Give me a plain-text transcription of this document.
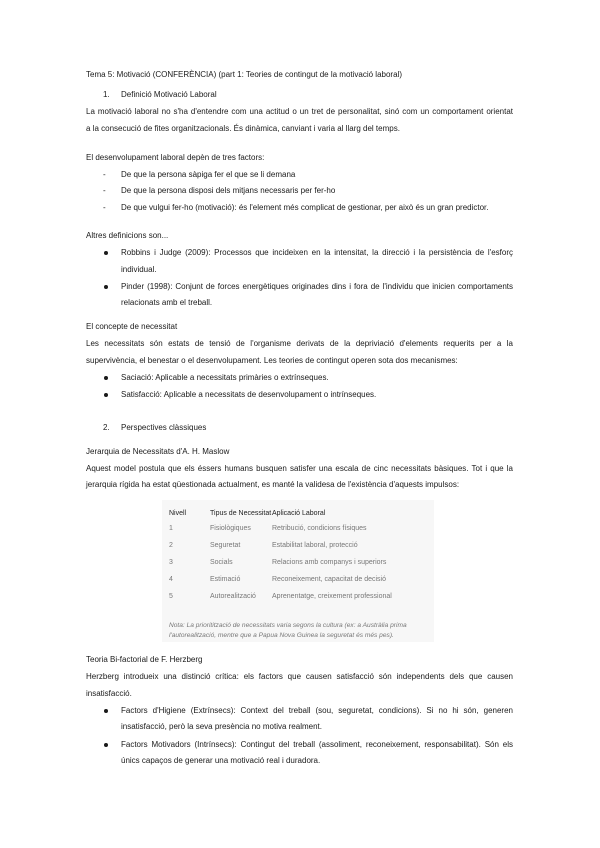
Tema 5: Motivació (CONFERÈNCIA) (part 1: Teories de contingut de la motivació laboral)
1. Definició Motivació Laboral
La motivació laboral no s'ha d'entendre com una actitud o un tret de personalitat, sinó com un comportament orientat
a la consecució de fites organitzacionals. És dinàmica, canviant i varia al llarg del temps.
El desenvolupament laboral depèn de tres factors:
- De que la persona sàpiga fer el que se li demana
- De que la persona disposi dels mitjans necessaris per fer-ho
- De que vulgui fer-ho (motivació): és l'element més complicat de gestionar, per això és un gran predictor.
Altres definicions son...
Robbins i Judge (2009): Processos que incideixen en la intensitat, la direcció i la persistència de l'esforç
individual.
Pinder (1998): Conjunt de forces energètiques originades dins i fora de l'individu que inicien comportaments
relacionats amb el treball.
El concepte de necessitat
Les necessitats són estats de tensió de l'organisme derivats de la depriviació d'elements requerits per a la
supervivència, el benestar o el desenvolupament. Les teories de contingut operen sota dos mecanismes:
Saciació: Aplicable a necessitats primàries o extrínseques.
Satisfacció: Aplicable a necessitats de desenvolupament o intrínseques.
2. Perspectives clàssiques
Jerarquia de Necessitats d'A. H. Maslow
Aquest model postula que els éssers humans busquen satisfer una escala de cinc necessitats bàsiques. Tot i que la
jerarquia rígida ha estat qüestionada actualment, es manté la validesa de l'existència d'aquests impulsos:
Nivell	Tipus de Necessitat	Aplicació Laboral
1	Fisiològiques	Retribució, condicions físiques
2	Seguretat	Estabilitat laboral, protecció
3	Socials	Relacions amb companys i superiors
4	Estimació	Reconeixement, capacitat de decisió
5	Autorealització	Aprenentatge, creixement professional
Nota: La prioritització de necessitats varia segons la cultura (ex: a Austràlia prima
l'autorealització, mentre que a Papua Nova Guinea la seguretat és més pes).
Teoria Bi-factorial de F. Herzberg
Herzberg introdueix una distinció crítica: els factors que causen satisfacció són independents dels que causen
insatisfacció.
Factors d'Higiene (Extrínsecs): Context del treball (sou, seguretat, condicions). Si no hi són, generen
insatisfacció, però la seva presència no motiva realment.
Factors Motivadors (Intrínsecs): Contingut del treball (assoliment, reconeixement, responsabilitat). Són els
únics capaços de generar una motivació real i duradora.
